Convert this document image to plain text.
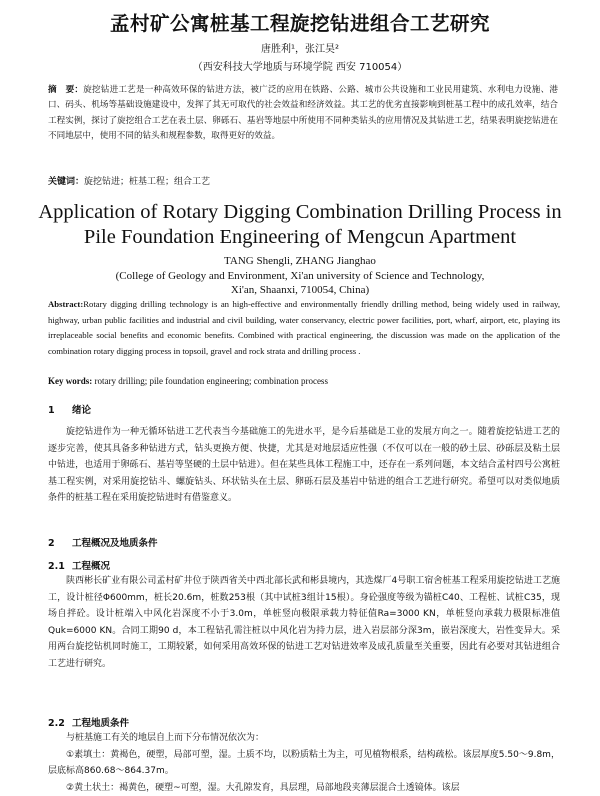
孟村矿公寓桩基工程旋挖钻进组合工艺研究
唐胜利¹，张江昊²
（西安科技大学地质与环境学院 西安 710054）
摘　要：旋挖钻进工艺是一种高效环保的钻进方法，被广泛的应用在铁路、公路、城市公共设施和工业民用建筑、水利电力设施、港口、码头、机场等基础设施建设中，发挥了其无可取代的社会效益和经济效益。其工艺的优劣直接影响到桩基工程中的成孔效率，结合工程实例，探讨了旋挖组合工艺在表土层、卵砾石、基岩等地层中所使用不同种类钻头的应用情况及其钻进工艺，结果表明旋挖钻进在不同地层中，使用不同的钻头和规程参数，取得更好的效益。
关键词：旋挖钻进；桩基工程；组合工艺
Application of Rotary Digging Combination Drilling Process in
Pile Foundation Engineering of Mengcun Apartment
TANG Shengli, ZHANG Jianghao
(College of Geology and Environment, Xi'an university of Science and Technology,
Xi'an, Shaanxi, 710054, China)
Abstract:Rotary digging drilling technology is an high-effective and environmentally friendly drilling method, being widely used in railway, highway, urban public facilities and industrial and civil building, water conservancy, electric power facilities, port, wharf, airport, etc, playing its irreplaceable social benefits and economic benefits. Combined with practical engineering, the discussion was made on the application of the combination rotary digging process in topsoil, gravel and rock strata and drilling process .
Key words: rotary drilling; pile foundation engineering; combination process
1 绪论

旋挖钻进作为一种无循环钻进工艺代表当今基础施工的先进水平，是今后基础是工业的发展方向之一。随着旋挖钻进工艺的逐步完善，使其具备多种钻进方式，钻头更换方便、快捷，尤其是对地层适应性强（不仅可以在一般的砂土层、砂砾层及粘土层中钻进，也适用于卵砾石、基岩等坚硬的土层中钻进）。但在某些具体工程施工中，还存在一系列问题，本文结合孟村四号公寓桩基工程实例，对采用旋挖钻斗、螺旋钻头、环状钻头在土层、卵砾石层及基岩中钻进的组合工艺进行研究。希望可以对类似地质条件的桩基工程在采用旋挖钻进时有借鉴意义。

2 工程概况及地质条件
2.1 工程概况

陕西彬长矿业有限公司孟村矿井位于陕西省关中西北部长武和彬县境内，其选煤厂4号职工宿舍桩基工程采用旋挖钻进工艺施工，设计桩径Φ600mm，桩长20.6m，桩数253根（其中试桩3组计15根）。身砼强度等级为锚桩C40、工程桩、试桩C35，现场自拌砼。设计桩端入中风化岩深度不小于3.0m，单桩竖向极限承载力特征值Ra=3000 KN，单桩竖向承载力极限标准值Quk=6000 KN。合同工期90 d，本工程钻孔需注桩以中风化岩为持力层，进入岩层部分深3m，嵌岩深度大，岩性变异大。采用两台旋挖钻机同时施工，工期较紧，如何采用高效环保的钻进工艺对钻进效率及成孔质量至关重要，因此有必要对其钻进组合工艺进行研究。

2.2 工程地质条件

与桩基施工有关的地层自上而下分布情况依次为：

①素填土：黄褐色，硬塑，局部可塑，湿。土质不均，以粉质粘土为主，可见植物根系，结构疏松。该层厚度5.50～9.8m，层底标高860.68～864.37m。

②黄土状土：褐黄色，硬塑~可塑，湿。大孔隙发育，具层理，局部地段夹薄层混合土透镜体。该层
